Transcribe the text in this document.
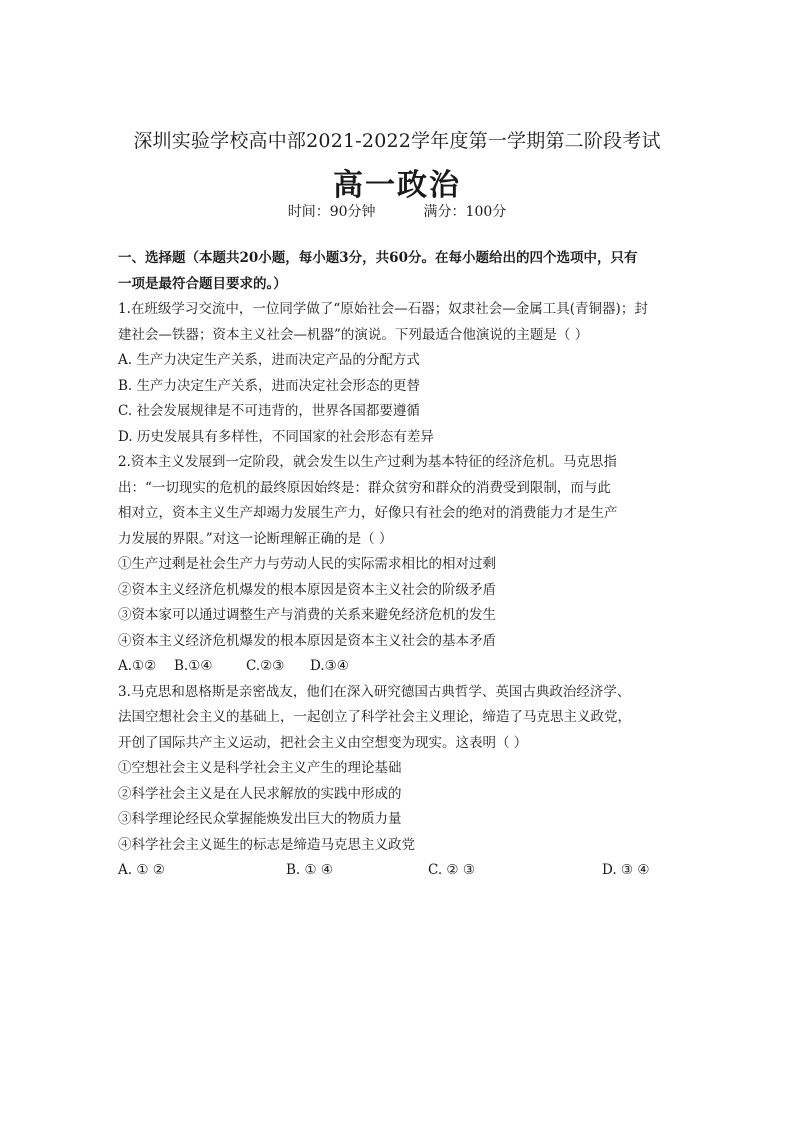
深圳实验学校高中部2021-2022学年度第一学期第二阶段考试
高一政治
时间：90分钟	满分：100分
一、选择题（本题共20小题，每小题3分，共60分。在每小题给出的四个选项中，只有
一项是最符合题目要求的。）
1.在班级学习交流中，一位同学做了“原始社会—石器；奴隶社会—金属工具(青铜器)；封
建社会—铁器；资本主义社会—机器”的演说。下列最适合他演说的主题是（ ）
A. 生产力决定生产关系，进而决定产品的分配方式
B. 生产力决定生产关系，进而决定社会形态的更替
C. 社会发展规律是不可违背的，世界各国都要遵循
D. 历史发展具有多样性，不同国家的社会形态有差异
2.资本主义发展到一定阶段，就会发生以生产过剩为基本特征的经济危机。马克思指
出：“一切现实的危机的最终原因始终是：群众贫穷和群众的消费受到限制，而与此
相对立，资本主义生产却竭力发展生产力，好像只有社会的绝对的消费能力才是生产
力发展的界限。”对这一论断理解正确的是（ ）
①生产过剩是社会生产力与劳动人民的实际需求相比的相对过剩
②资本主义经济危机爆发的根本原因是资本主义社会的阶级矛盾
③资本家可以通过调整生产与消费的关系来避免经济危机的发生
④资本主义经济危机爆发的根本原因是资本主义社会的基本矛盾
A.①②	B.①④	C.②③	D.③④
3.马克思和恩格斯是亲密战友，他们在深入研究德国古典哲学、英国古典政治经济学、
法国空想社会主义的基础上，一起创立了科学社会主义理论，缔造了马克思主义政党，
开创了国际共产主义运动，把社会主义由空想变为现实。这表明（ ）
①空想社会主义是科学社会主义产生的理论基础
②科学社会主义是在人民求解放的实践中形成的
③科学理论经民众掌握能焕发出巨大的物质力量
④科学社会主义诞生的标志是缔造马克思主义政党
A. ① ②	B. ① ④	C. ② ③	D. ③ ④
